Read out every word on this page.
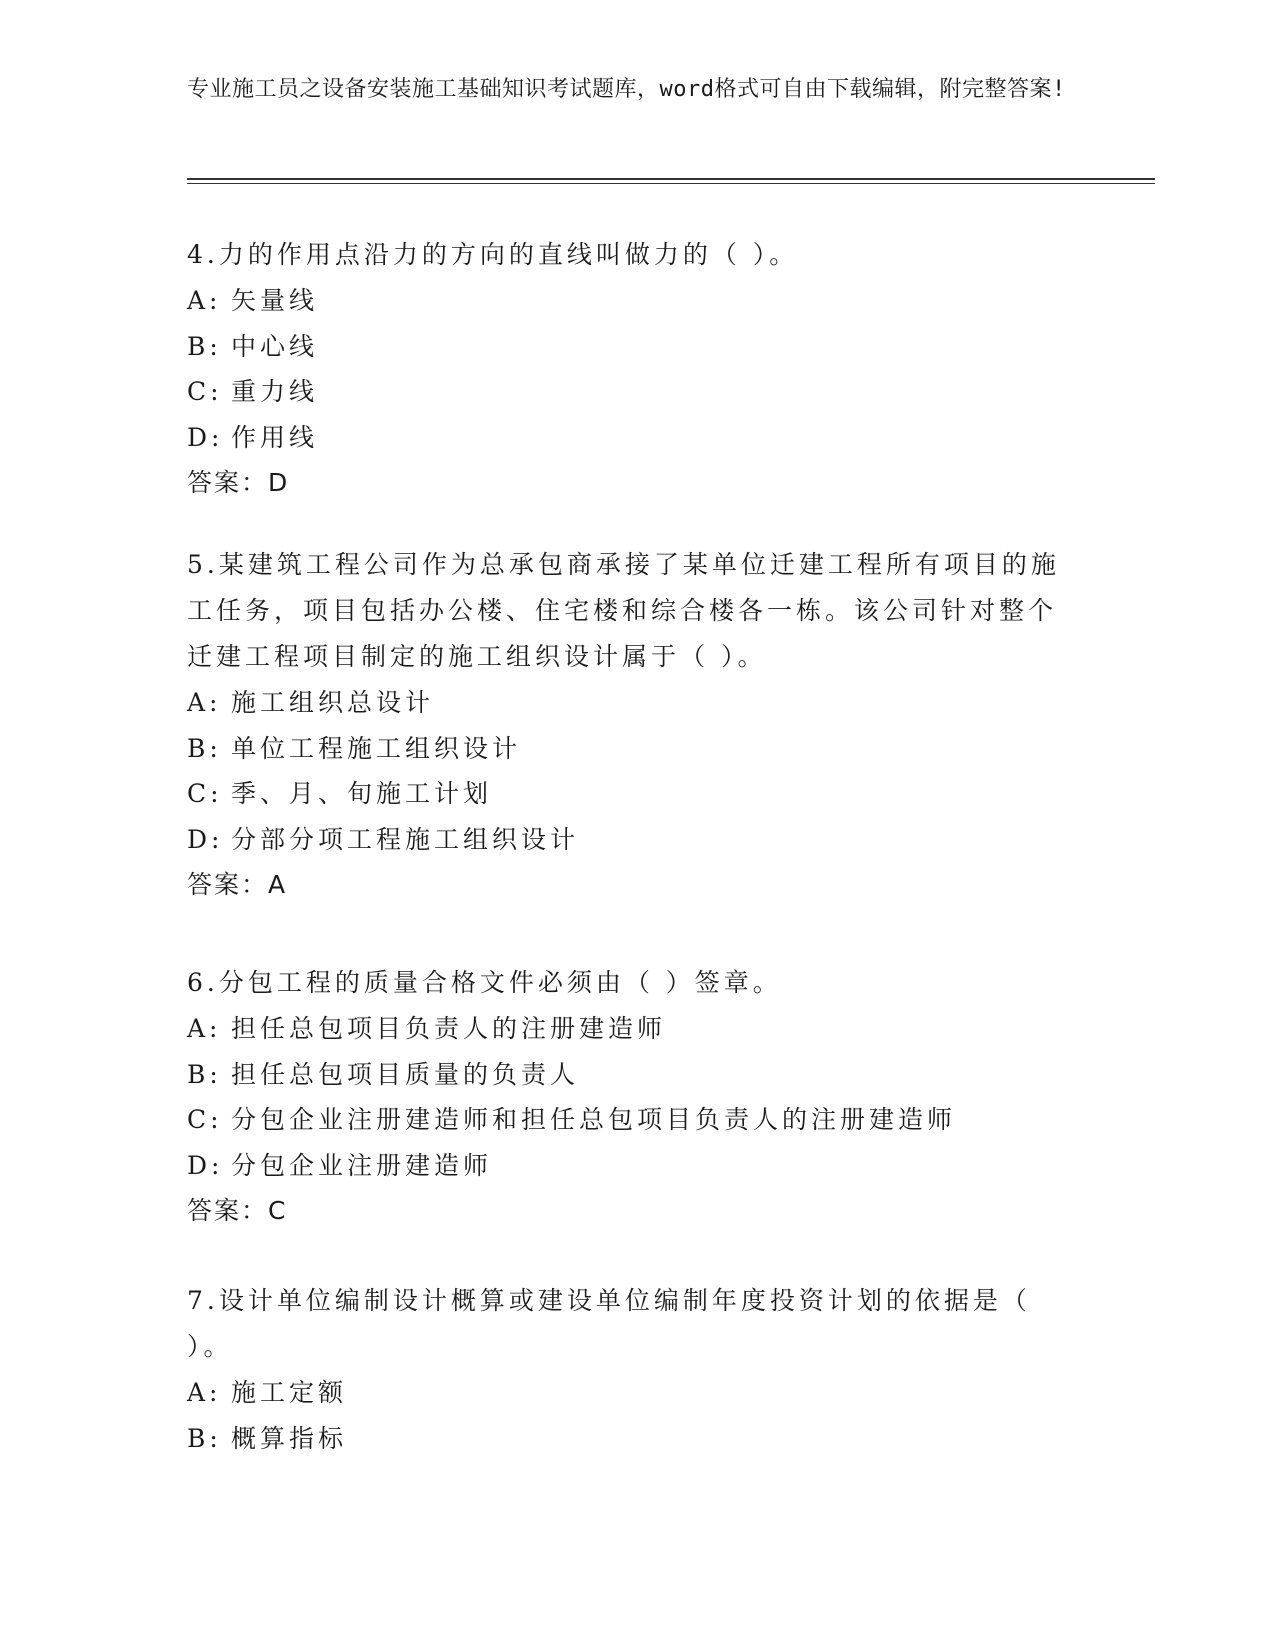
专业施工员之设备安装施工基础知识考试题库，word格式可自由下载编辑，附完整答案!
4.力的作用点沿力的方向的直线叫做力的（ ）。
A: 矢量线
B: 中心线
C: 重力线
D: 作用线
答案：D
5.某建筑工程公司作为总承包商承接了某单位迁建工程所有项目的施工任务，项目包括办公楼、住宅楼和综合楼各一栋。该公司针对整个迁建工程项目制定的施工组织设计属于（ ）。
A: 施工组织总设计
B: 单位工程施工组织设计
C: 季、月、旬施工计划
D: 分部分项工程施工组织设计
答案：A
6.分包工程的质量合格文件必须由（ ）签章。
A: 担任总包项目负责人的注册建造师
B: 担任总包项目质量的负责人
C: 分包企业注册建造师和担任总包项目负责人的注册建造师
D: 分包企业注册建造师
答案：C
7.设计单位编制设计概算或建设单位编制年度投资计划的依据是（ ）。
A: 施工定额
B: 概算指标
